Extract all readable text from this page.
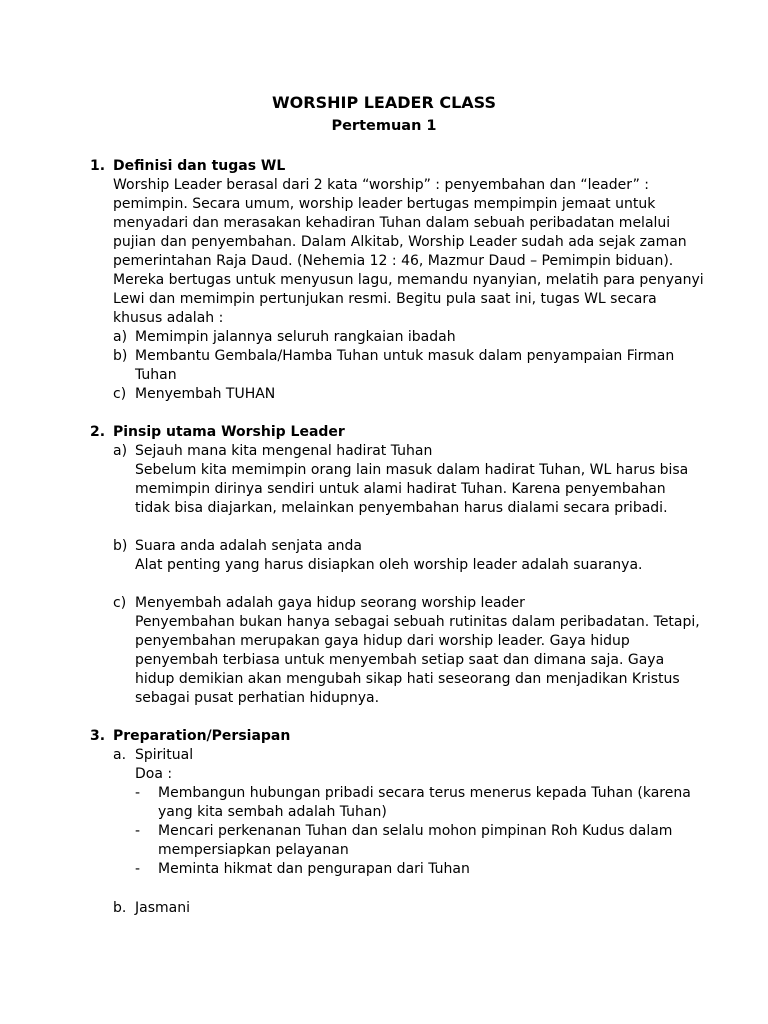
WORSHIP LEADER CLASS
Pertemuan 1
1. Definisi dan tugas WL
Worship Leader berasal dari 2 kata “worship” : penyembahan dan “leader” :
pemimpin. Secara umum, worship leader bertugas mempimpin jemaat untuk
menyadari dan merasakan kehadiran Tuhan dalam sebuah peribadatan melalui
pujian dan penyembahan. Dalam Alkitab, Worship Leader sudah ada sejak zaman
pemerintahan Raja Daud. (Nehemia 12 : 46, Mazmur Daud – Pemimpin biduan).
Mereka bertugas untuk menyusun lagu, memandu nyanyian, melatih para penyanyi
Lewi dan memimpin pertunjukan resmi. Begitu pula saat ini, tugas WL secara
khusus adalah :
a) Memimpin jalannya seluruh rangkaian ibadah
b) Membantu Gembala/Hamba Tuhan untuk masuk dalam penyampaian Firman
Tuhan
c) Menyembah TUHAN
2. Pinsip utama Worship Leader
a) Sejauh mana kita mengenal hadirat Tuhan
Sebelum kita memimpin orang lain masuk dalam hadirat Tuhan, WL harus bisa
memimpin dirinya sendiri untuk alami hadirat Tuhan. Karena penyembahan
tidak bisa diajarkan, melainkan penyembahan harus dialami secara pribadi.
b) Suara anda adalah senjata anda
Alat penting yang harus disiapkan oleh worship leader adalah suaranya.
c) Menyembah adalah gaya hidup seorang worship leader
Penyembahan bukan hanya sebagai sebuah rutinitas dalam peribadatan. Tetapi,
penyembahan merupakan gaya hidup dari worship leader. Gaya hidup
penyembah terbiasa untuk menyembah setiap saat dan dimana saja. Gaya
hidup demikian akan mengubah sikap hati seseorang dan menjadikan Kristus
sebagai pusat perhatian hidupnya.
3. Preparation/Persiapan
a. Spiritual
Doa :
- Membangun hubungan pribadi secara terus menerus kepada Tuhan (karena
yang kita sembah adalah Tuhan)
- Mencari perkenanan Tuhan dan selalu mohon pimpinan Roh Kudus dalam
mempersiapkan pelayanan
- Meminta hikmat dan pengurapan dari Tuhan
b. Jasmani
